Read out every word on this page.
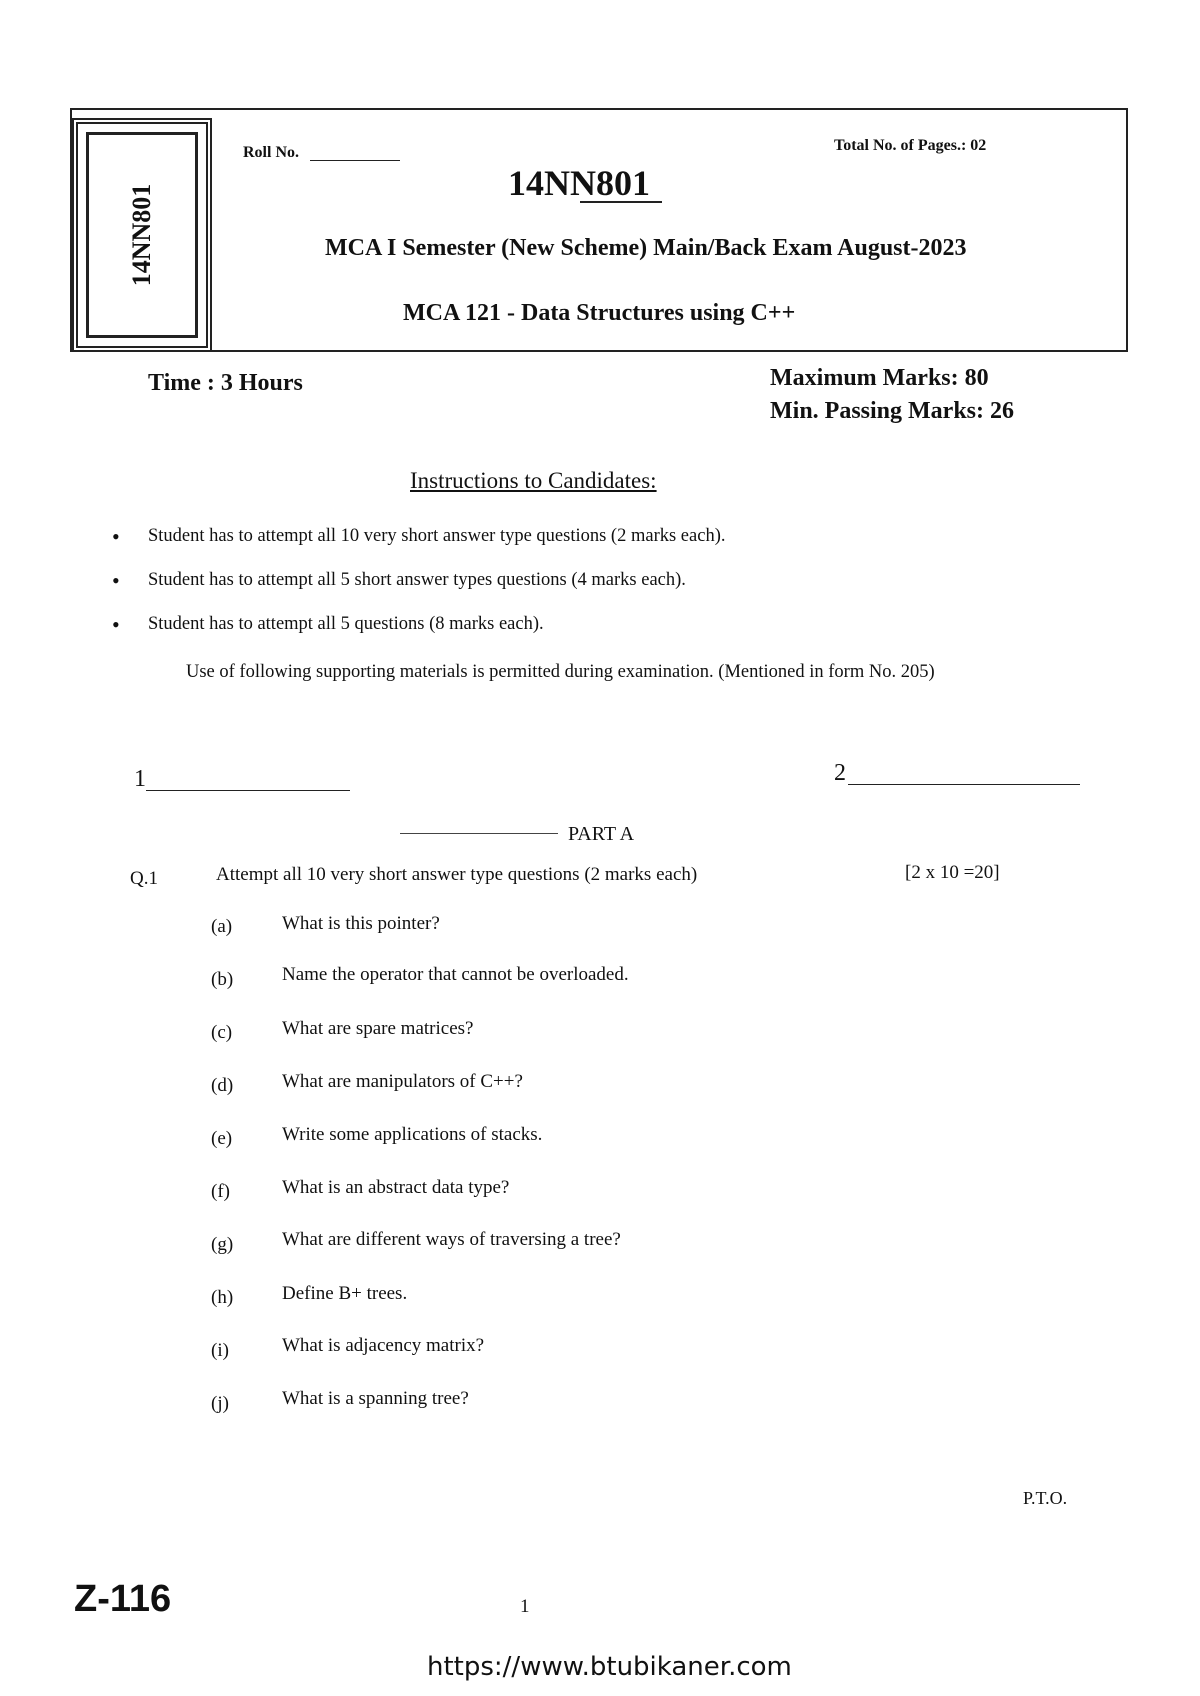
14NN801
Roll No.	Total No. of Pages.: 02
14NN801
MCA I Semester (New Scheme) Main/Back Exam August-2023
MCA 121 - Data Structures using C++
Time : 3 Hours	Maximum Marks: 80
Min. Passing Marks: 26
Instructions to Candidates:
• Student has to attempt all 10 very short answer type questions (2 marks each).
• Student has to attempt all 5 short answer types questions (4 marks each).
• Student has to attempt all 5 questions (8 marks each).
Use of following supporting materials is permitted during examination. (Mentioned in form No. 205)
1	2
PART A
Q.1	Attempt all 10 very short answer type questions (2 marks each)	[2 x 10 =20]
(a)	What is this pointer?
(b)	Name the operator that cannot be overloaded.
(c)	What are spare matrices?
(d)	What are manipulators of C++?
(e)	Write some applications of stacks.
(f)	What is an abstract data type?
(g)	What are different ways of traversing a tree?
(h)	Define B+ trees.
(i)	What is adjacency matrix?
(j)	What is a spanning tree?
P.T.O.
Z-116	1
https://www.btubikaner.com
